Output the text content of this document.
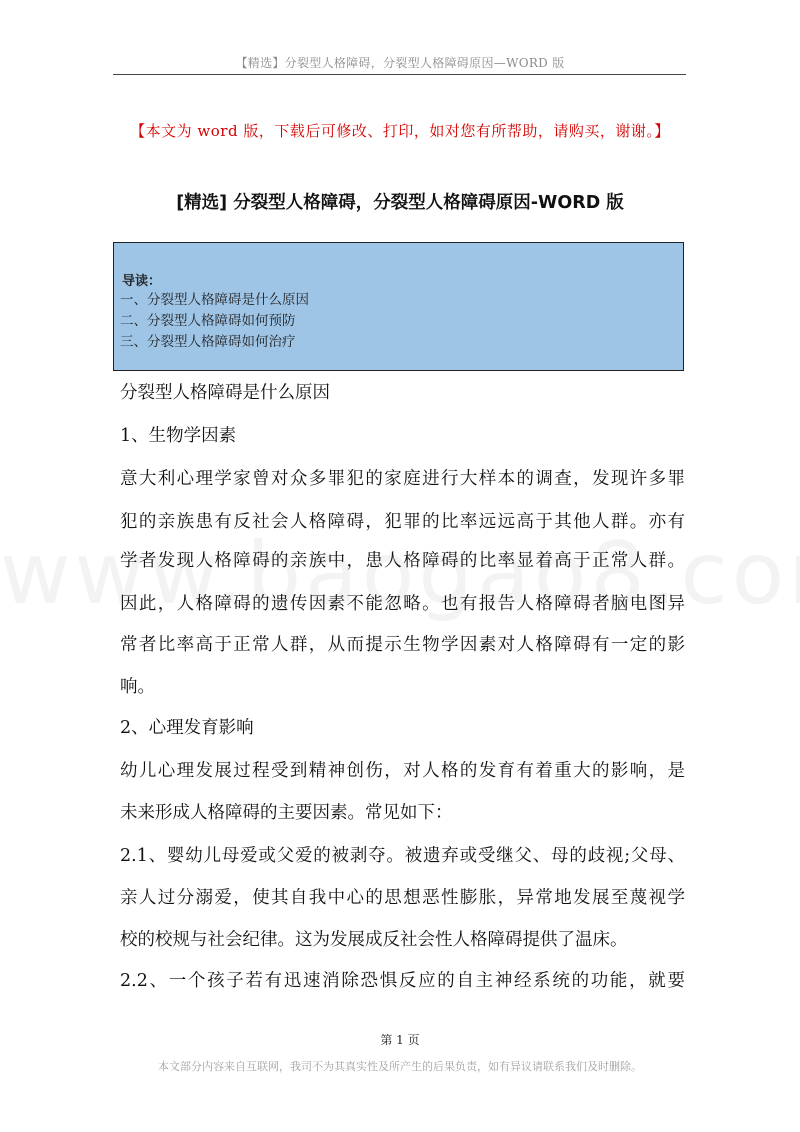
【精选】分裂型人格障碍，分裂型人格障碍原因—WORD 版
【本文为 word 版，下载后可修改、打印，如对您有所帮助，请购买，谢谢。】
[精选] 分裂型人格障碍，分裂型人格障碍原因-WORD 版
导读：
一、分裂型人格障碍是什么原因
二、分裂型人格障碍如何预防
三、分裂型人格障碍如何治疗
分裂型人格障碍是什么原因
1、生物学因素
意大利心理学家曾对众多罪犯的家庭进行大样本的调查，发现许多罪
犯的亲族患有反社会人格障碍，犯罪的比率远远高于其他人群。亦有
学者发现人格障碍的亲族中，患人格障碍的比率显着高于正常人群。
因此，人格障碍的遗传因素不能忽略。也有报告人格障碍者脑电图异
常者比率高于正常人群，从而提示生物学因素对人格障碍有一定的影
响。
2、心理发育影响
幼儿心理发展过程受到精神创伤，对人格的发育有着重大的影响，是
未来形成人格障碍的主要因素。常见如下：
2.1、婴幼儿母爱或父爱的被剥夺。被遗弃或受继父、母的歧视;父母、
亲人过分溺爱，使其自我中心的思想恶性膨胀，异常地发展至蔑视学
校的校规与社会纪律。这为发展成反社会性人格障碍提供了温床。
2.2、一个孩子若有迅速消除恐惧反应的自主神经系统的功能，就要
第 1 页
本文部分内容来自互联网，我司不为其真实性及所产生的后果负责，如有异议请联系我们及时删除。
